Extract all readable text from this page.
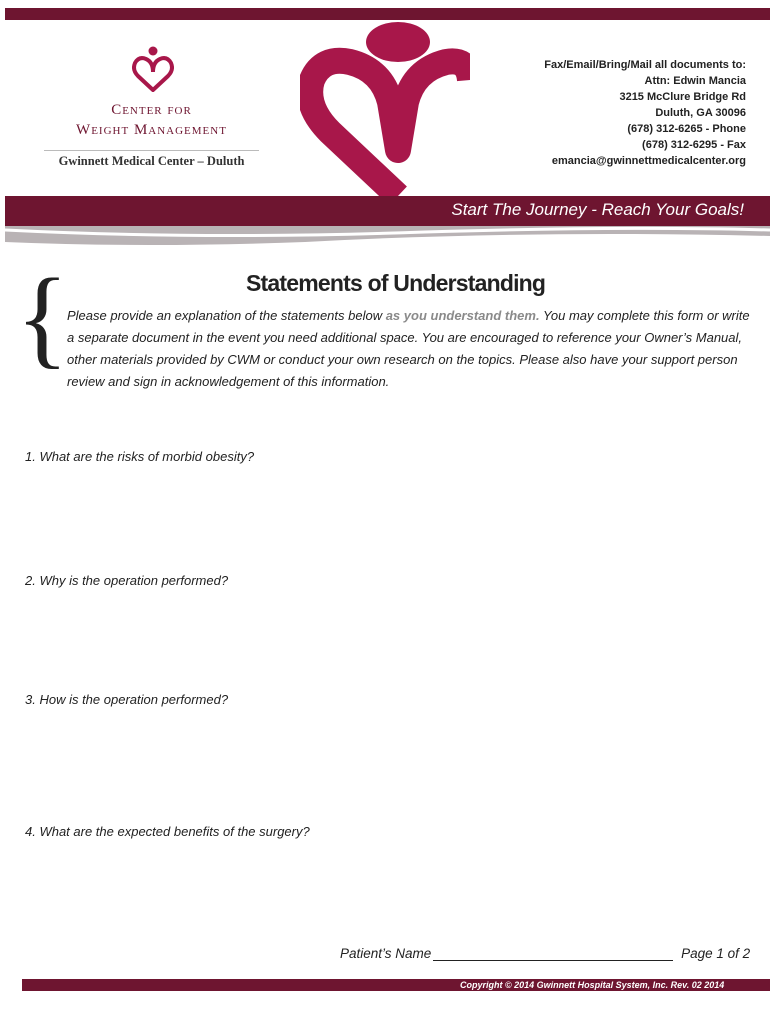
Center for
Weight Management
Gwinnett Medical Center – Duluth
Fax/Email/Bring/Mail all documents to:
Attn: Edwin Mancia
3215 McClure Bridge Rd
Duluth, GA 30096
(678) 312-6265 - Phone
(678) 312-6295 - Fax
emancia@gwinnettmedicalcenter.org
Start The Journey - Reach Your Goals!
{	Statements of Understanding
Please provide an explanation of the statements below as you understand them. You may complete this form or write a separate document in the event you need additional space. You are encouraged to reference your Owner’s Manual, other materials provided by CWM or conduct your own research on the topics. Please also have your support person review and sign in acknowledgement of this information.
1. What are the risks of morbid obesity?
2. Why is the operation performed?
3. How is the operation performed?
4. What are the expected benefits of the surgery?
Patient’s Name	Page 1 of 2
Copyright © 2014 Gwinnett Hospital System, Inc. Rev. 02 2014
